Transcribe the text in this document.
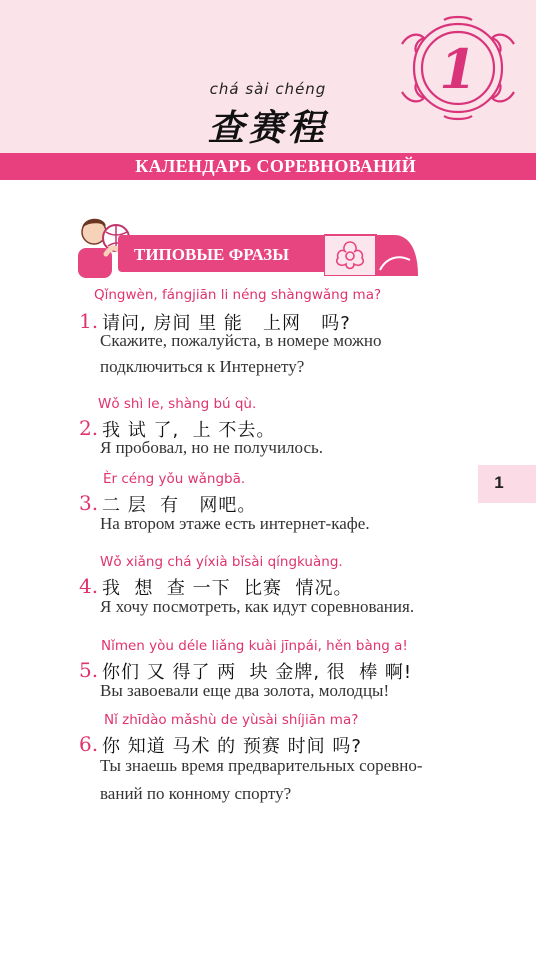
1
chá sài chéng
查赛程
КАЛЕНДАРЬ СОРЕВНОВАНИЙ
ТИПОВЫЕ ФРАЗЫ
1
Qǐngwèn, fángjiān li néng shàngwǎng ma?
1. 请问, 房间 里 能   上网   吗?
Скажите, пожалуйста, в номере можно
подключиться к Интернету?
Wǒ shì le, shàng bú qù.
2. 我 试 了,  上 不去。
Я пробовал, но не получилось.
Èr céng yǒu wǎngbā.
3. 二 层  有   网吧。
На втором этаже есть интернет-кафе.
Wǒ xiǎng chá yíxià bǐsài qíngkuàng.
4. 我  想  查 一下  比赛  情况。
Я хочу посмотреть, как идут соревнования.
Nǐmen yòu déle liǎng kuài jīnpái, hěn bàng a!
5. 你们 又 得了 两  块 金牌, 很  棒 啊!
Вы завоевали еще два золота, молодцы!
Nǐ zhīdào mǎshù de yùsài shíjiān ma?
6. 你 知道 马术 的 预赛 时间 吗?
Ты знаешь время предварительных соревно-
ваний по конному спорту?
